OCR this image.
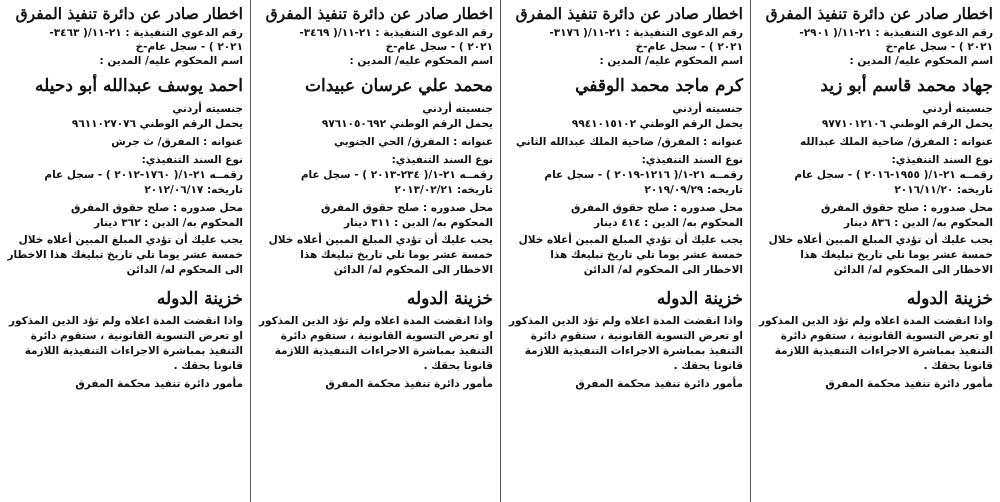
اخطار صادر عن دائرة تنفيذ المفرق
رقم الدعوى التنفيذية : ٢١-١١/( ٢٩٠١-
٢٠٢١ ) - سجل عام-خ
اسم المحكوم عليه/ المدين :
جهاد محمد قاسم أبو زيد
جنسيته أردني
يحمل الرقم الوطني ٩٧٧١٠١٢١٠٦
عنوانه : المفرق/ ضاحية الملك عبدالله
نوع السند التنفيذي:
رقمــه ٢١-١/( ١٩٥٥-٢٠١٦ ) - سجل عام
تاريخه: ٢٠١٦/١١/٢٠
محل صدوره : صلح حقوق المفرق
المحكوم به/ الدين : ٨٣٦ دينار
يجب عليك أن تؤدي المبلغ المبين أعلاه خلال خمسة عشر يوما تلي تاريخ تبليغك هذا الاخطار الى المحكوم له/ الدائن
خزينة الدوله
واذا انقضت المدة اعلاه ولم تؤد الدين المذكور او تعرض التسوية القانونية ، ستقوم دائرة التنفيذ بمباشرة الاجراءات التنفيذية اللازمة قانونا بحقك .
مأمور دائرة تنفيذ محكمة المفرق
اخطار صادر عن دائرة تنفيذ المفرق
رقم الدعوى التنفيذية : ٢١-١١/( ٣١٧٦-
٢٠٢١ ) - سجل عام-خ
اسم المحكوم عليه/ المدين :
كرم ماجد محمد الوقفي
جنسيته أردني
يحمل الرقم الوطني ٩٩٤١٠١٥١٠٢
عنوانه : المفرق/ ضاحية الملك عبدالله الثاني
نوع السند التنفيذي:
رقمــه ٢١-١/( ١٢١٦-٢٠١٩ ) - سجل عام
تاريخه: ٢٠١٩/٠٩/٢٩
محل صدوره : صلح حقوق المفرق
المحكوم به/ الدين : ٤١٤ دينار
يجب عليك أن تؤدي المبلغ المبين أعلاه خلال خمسة عشر يوما تلي تاريخ تبليغك هذا الاخطار الى المحكوم له/ الدائن
خزينة الدوله
واذا انقضت المدة اعلاه ولم تؤد الدين المذكور او تعرض التسوية القانونية ، ستقوم دائرة التنفيذ بمباشرة الاجراءات التنفيذية اللازمة قانونا بحقك .
مأمور دائرة تنفيذ محكمة المفرق
اخطار صادر عن دائرة تنفيذ المفرق
رقم الدعوى التنفيذية : ٢١-١١/( ٣٤٦٩-
٢٠٢١ ) - سجل عام-خ
اسم المحكوم عليه/ المدين :
محمد علي عرسان عبيدات
جنسيته أردني
يحمل الرقم الوطني ٩٧٦١٠٥٠٦٩٢
عنوانه : المفرق/ الحي الجنوبي
نوع السند التنفيذي:
رقمــه ٢١-١/( ٢٣٤-٢٠١٣ ) - سجل عام
تاريخه: ٢٠١٣/٠٢/٢١
محل صدوره : صلح حقوق المفرق
المحكوم به/ الدين : ٣١١ دينار
يجب عليك أن تؤدي المبلغ المبين أعلاه خلال خمسة عشر يوما تلي تاريخ تبليغك هذا الاخطار الى المحكوم له/ الدائن
خزينة الدوله
واذا انقضت المدة اعلاه ولم تؤد الدين المذكور او تعرض التسوية القانونية ، ستقوم دائرة التنفيذ بمباشرة الاجراءات التنفيذية اللازمة قانونا بحقك .
مأمور دائرة تنفيذ محكمة المفرق
اخطار صادر عن دائرة تنفيذ المفرق
رقم الدعوى التنفيذية : ٢١-١١/( ٣٤٦٣-
٢٠٢١ ) - سجل عام-خ
اسم المحكوم عليه/ المدين :
احمد يوسف عبدالله أبو دحيله
جنسيته أردني
يحمل الرقم الوطني ٩٦١١٠٢٧٠٧٦
عنوانه : المفرق/ ث جرش
نوع السند التنفيذي:
رقمــه ٢١-١/( ١٧٦٠-٢٠١٢ ) - سجل عام
تاريخه: ٢٠١٢/٠٦/١٧
محل صدوره : صلح حقوق المفرق
المحكوم به/ الدين : ٣٦٢ دينار
يجب عليك أن تؤدي المبلغ المبين أعلاه خلال خمسة عشر يوما تلي تاريخ تبليغك هذا الاخطار الى المحكوم له/ الدائن
خزينة الدوله
واذا انقضت المدة اعلاه ولم تؤد الدين المذكور او تعرض التسوية القانونية ، ستقوم دائرة التنفيذ بمباشرة الاجراءات التنفيذية اللازمة قانونا بحقك .
مأمور دائرة تنفيذ محكمة المفرق
